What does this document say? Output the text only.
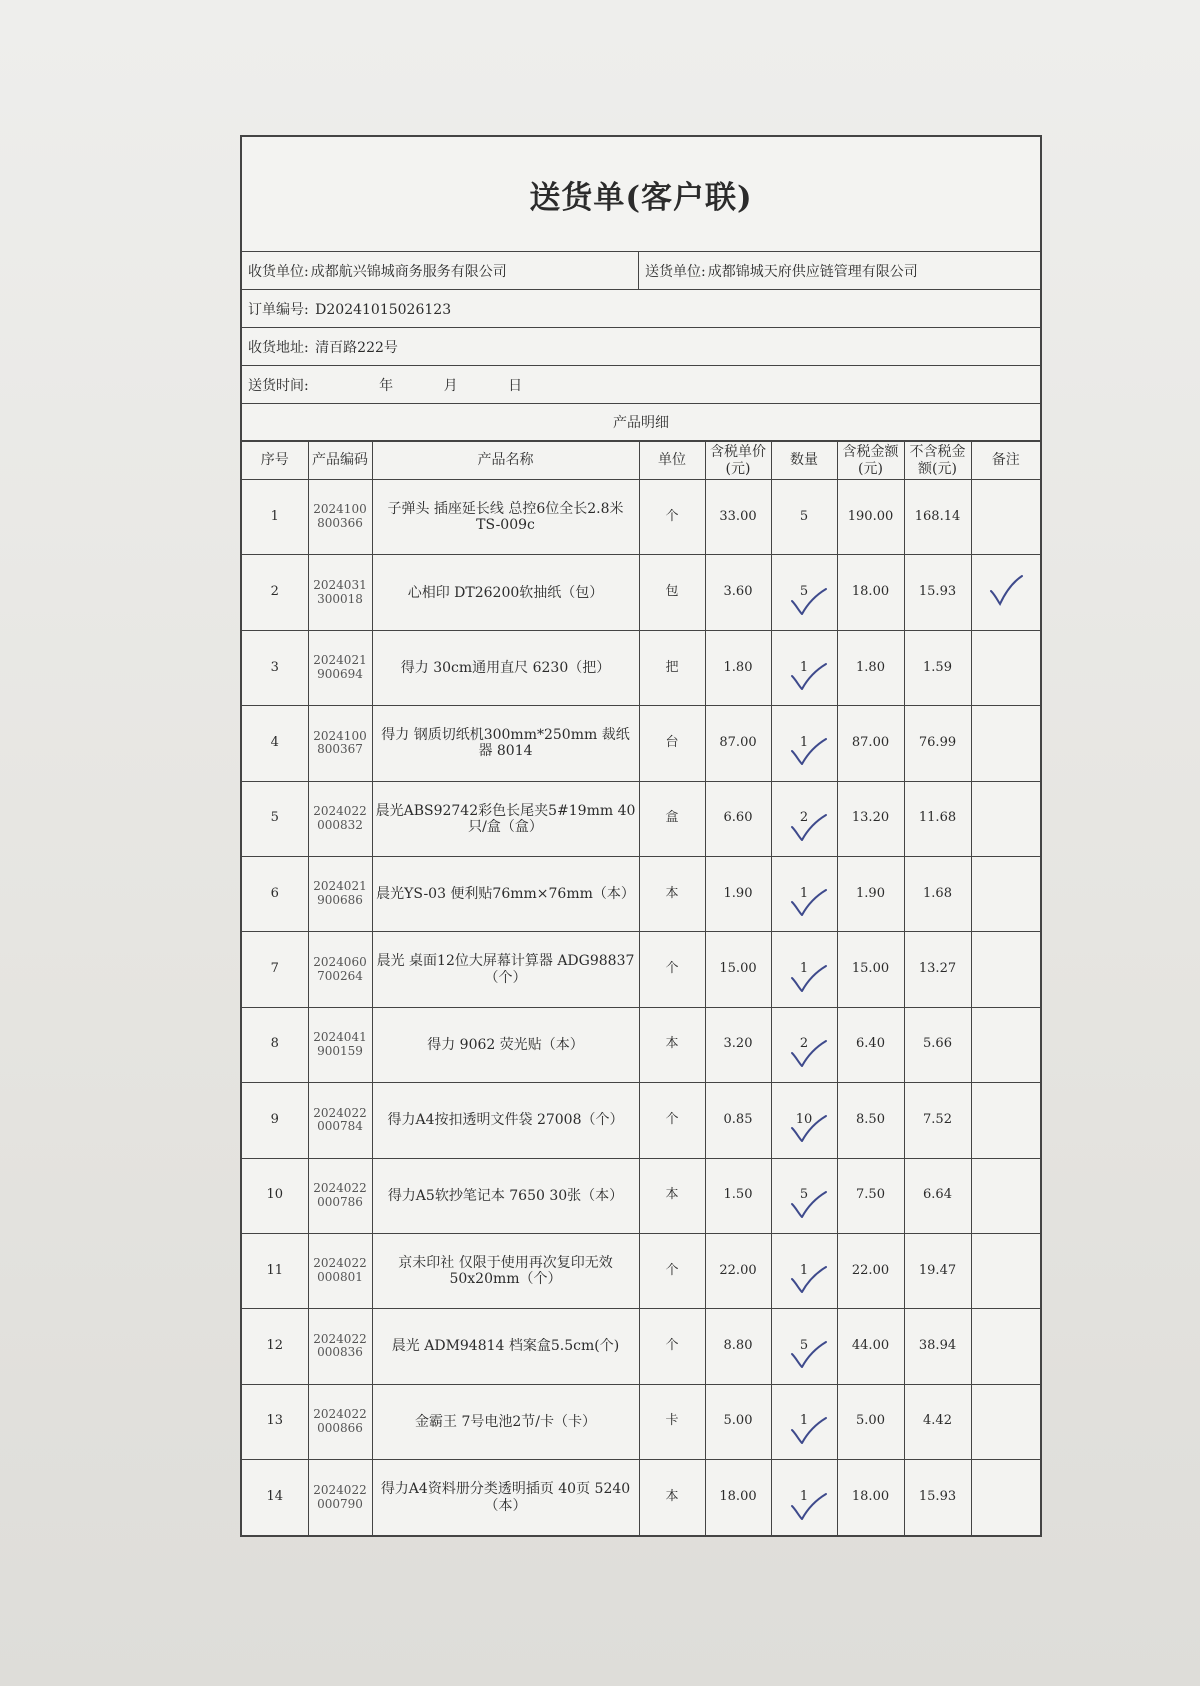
送货单(客户联)
收货单位: 成都航兴锦城商务服务有限公司	送货单位: 成都锦城天府供应链管理有限公司
订单编号: D20241015026123
收货地址: 清百路222号
送货时间:	年	月	日
产品明细
序号	产品编码	产品名称	单位	含税单价(元)	数量	含税金额(元)	不含税金额(元)	备注
1	2024100800366	子弹头 插座延长线 总控6位全长2.8米 TS-009c	个	33.00	5	190.00	168.14	
2	2024031300018	心相印 DT26200软抽纸（包）	包	3.60	5	18.00	15.93	
3	2024021900694	得力 30cm通用直尺 6230（把）	把	1.80	1	1.80	1.59	
4	2024100800367	得力 钢质切纸机300mm*250mm 裁纸器 8014	台	87.00	1	87.00	76.99	
5	2024022000832	晨光ABS92742彩色长尾夹5#19mm 40只/盒（盒）	盒	6.60	2	13.20	11.68	
6	2024021900686	晨光YS-03 便利贴76mm×76mm（本）	本	1.90	1	1.90	1.68	
7	2024060700264	晨光 桌面12位大屏幕计算器 ADG98837（个）	个	15.00	1	15.00	13.27	
8	2024041900159	得力 9062 荧光贴（本）	本	3.20	2	6.40	5.66	
9	2024022000784	得力A4按扣透明文件袋 27008（个）	个	0.85	10	8.50	7.52	
10	2024022000786	得力A5软抄笔记本 7650 30张（本）	本	1.50	5	7.50	6.64	
11	2024022000801	京未印社 仅限于使用再次复印无效 50x20mm（个）	个	22.00	1	22.00	19.47	
12	2024022000836	晨光 ADM94814 档案盒5.5cm(个)	个	8.80	5	44.00	38.94	
13	2024022000866	金霸王 7号电池2节/卡（卡）	卡	5.00	1	5.00	4.42	
14	2024022000790	得力A4资料册分类透明插页 40页 5240（本）	本	18.00	1	18.00	15.93	
